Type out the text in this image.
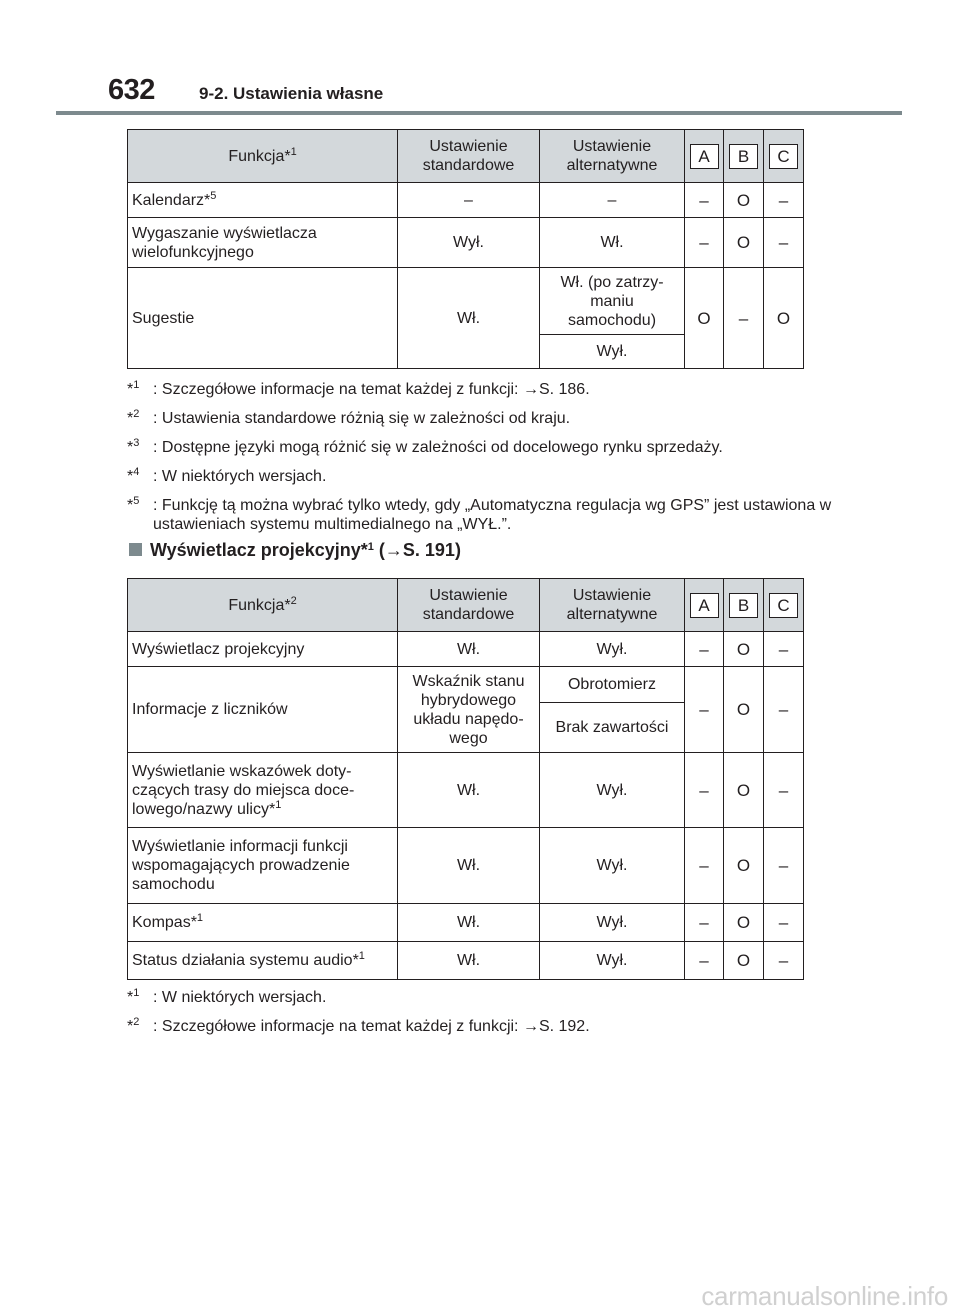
632	9-2. Ustawienia własne
Funkcja*$^1$	Ustawienie standardowe	Ustawienie alternatywne	A	B	C
Kalendarz*$^5$	–	–	–	O	–
Wygaszanie wyświetlacza wielofunkcyjnego	Wył.	Wł.	–	O	–
Sugestie	Wł.	Wł. (po zatrzy-maniu samochodu)	O	–	O
		Wył.			
*$^1$ : Szczegółowe informacje na temat każdej z funkcji: →S. 186.
*$^2$ : Ustawienia standardowe różnią się w zależności od kraju.
*$^3$ : Dostępne języki mogą różnić się w zależności od docelowego rynku sprzedaży.
*$^4$ : W niektórych wersjach.
*$^5$ : Funkcję tą można wybrać tylko wtedy, gdy „Automatyczna regulacja wg GPS” jest ustawiona w ustawieniach systemu multimedialnego na „WYŁ.”.
Wyświetlacz projekcyjny*$^1$ (→S. 191)
Funkcja*$^2$	Ustawienie standardowe	Ustawienie alternatywne	A	B	C
Wyświetlacz projekcyjny	Wł.	Wył.	–	O	–
Informacje z liczników	Wskaźnik stanu hybrydowego układu napędo-wego	Obrotomierz	–	O	–
		Brak zawartości			
Wyświetlanie wskazówek doty-czących trasy do miejsca doce-lowego/nazwy ulicy*$^1$	Wł.	Wył.	–	O	–
Wyświetlanie informacji funkcji wspomagających prowadzenie samochodu	Wł.	Wył.	–	O	–
Kompas*$^1$	Wł.	Wył.	–	O	–
Status działania systemu audio*$^1$	Wł.	Wył.	–	O	–
*$^1$ : W niektórych wersjach.
*$^2$ : Szczegółowe informacje na temat każdej z funkcji: →S. 192.
carmanualsonline.info
